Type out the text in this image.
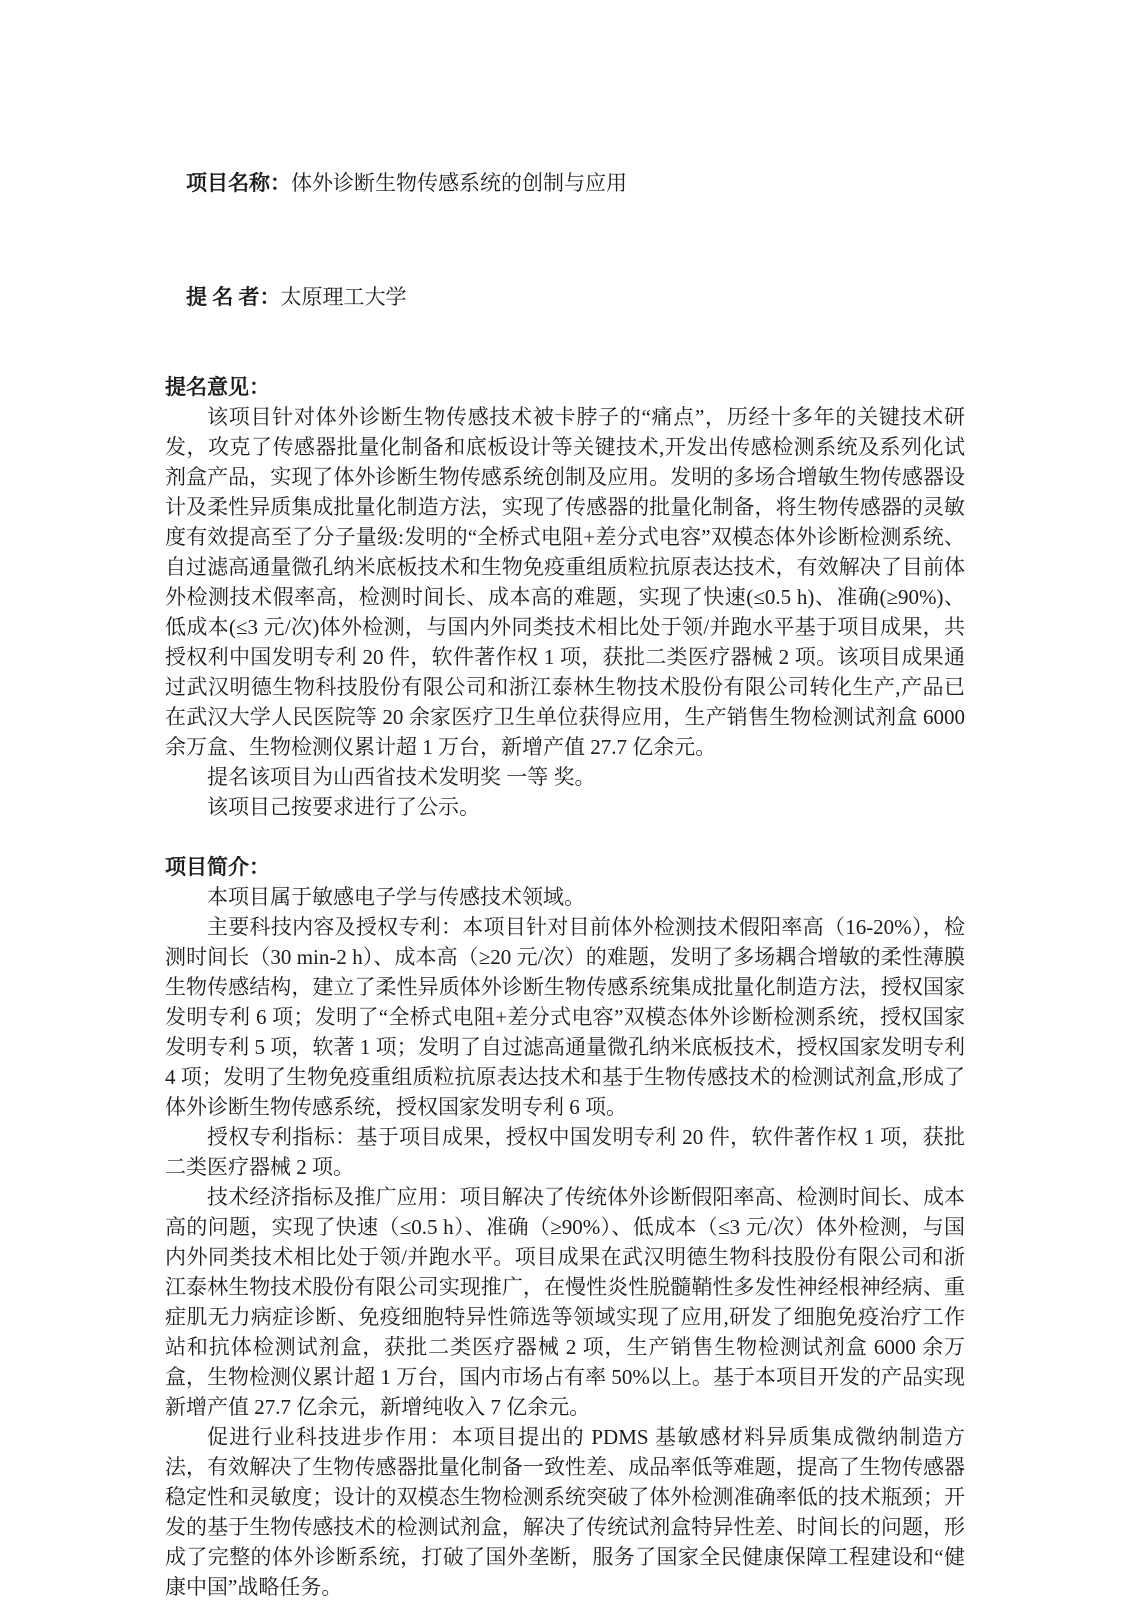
项目名称：体外诊断生物传感系统的创制与应用

提 名 者：太原理工大学

提名意见：

该项目针对体外诊断生物传感技术被卡脖子的“痛点”，历经十多年的关键技术研发，攻克了传感器批量化制备和底板设计等关键技术,开发出传感检测系统及系列化试剂盒产品，实现了体外诊断生物传感系统创制及应用。发明的多场合增敏生物传感器设计及柔性异质集成批量化制造方法，实现了传感器的批量化制备，将生物传感器的灵敏度有效提高至了分子量级:发明的“全桥式电阻+差分式电容”双模态体外诊断检测系统、自过滤高通量微孔纳米底板技术和生物免疫重组质粒抗原表达技术，有效解决了目前体外检测技术假率高，检测时间长、成本高的难题，实现了快速(≤0.5 h)、准确(≥90%)、低成本(≤3 元/次)体外检测，与国内外同类技术相比处于领/并跑水平基于项目成果，共授权利中国发明专利 20 件，软件著作权 1 项，获批二类医疗器械 2 项。该项目成果通过武汉明德生物科技股份有限公司和浙江泰林生物技术股份有限公司转化生产,产品已在武汉大学人民医院等 20 余家医疗卫生单位获得应用，生产销售生物检测试剂盒 6000 余万盒、生物检测仪累计超 1 万台，新增产值 27.7 亿余元。

提名该项目为山西省技术发明奖 一等 奖。

该项目己按要求进行了公示。

项目简介：

本项目属于敏感电子学与传感技术领域。

主要科技内容及授权专利：本项目针对目前体外检测技术假阳率高（16-20%），检测时间长（30 min-2 h）、成本高（≥20 元/次）的难题，发明了多场耦合增敏的柔性薄膜生物传感结构，建立了柔性异质体外诊断生物传感系统集成批量化制造方法，授权国家发明专利 6 项；发明了“全桥式电阻+差分式电容”双模态体外诊断检测系统，授权国家发明专利 5 项，软著 1 项；发明了自过滤高通量微孔纳米底板技术，授权国家发明专利 4 项；发明了生物免疫重组质粒抗原表达技术和基于生物传感技术的检测试剂盒,形成了体外诊断生物传感系统，授权国家发明专利 6 项。

授权专利指标：基于项目成果，授权中国发明专利 20 件，软件著作权 1 项，获批二类医疗器械 2 项。

技术经济指标及推广应用：项目解决了传统体外诊断假阳率高、检测时间长、成本高的问题，实现了快速（≤0.5 h）、准确（≥90%）、低成本（≤3 元/次）体外检测，与国内外同类技术相比处于领/并跑水平。项目成果在武汉明德生物科技股份有限公司和浙江泰林生物技术股份有限公司实现推广，在慢性炎性脱髓鞘性多发性神经根神经病、重症肌无力病症诊断、免疫细胞特异性筛选等领域实现了应用,研发了细胞免疫治疗工作站和抗体检测试剂盒，获批二类医疗器械 2 项，生产销售生物检测试剂盒 6000 余万盒，生物检测仪累计超 1 万台，国内市场占有率 50%以上。基于本项目开发的产品实现新增产值 27.7 亿余元，新增纯收入 7 亿余元。

促进行业科技进步作用：本项目提出的 PDMS 基敏感材料异质集成微纳制造方法，有效解决了生物传感器批量化制备一致性差、成品率低等难题，提高了生物传感器稳定性和灵敏度；设计的双模态生物检测系统突破了体外检测准确率低的技术瓶颈；开发的基于生物传感技术的检测试剂盒，解决了传统试剂盒特异性差、时间长的问题，形成了完整的体外诊断系统，打破了国外垄断，服务了国家全民健康保障工程建设和“健康中国”战略任务。
